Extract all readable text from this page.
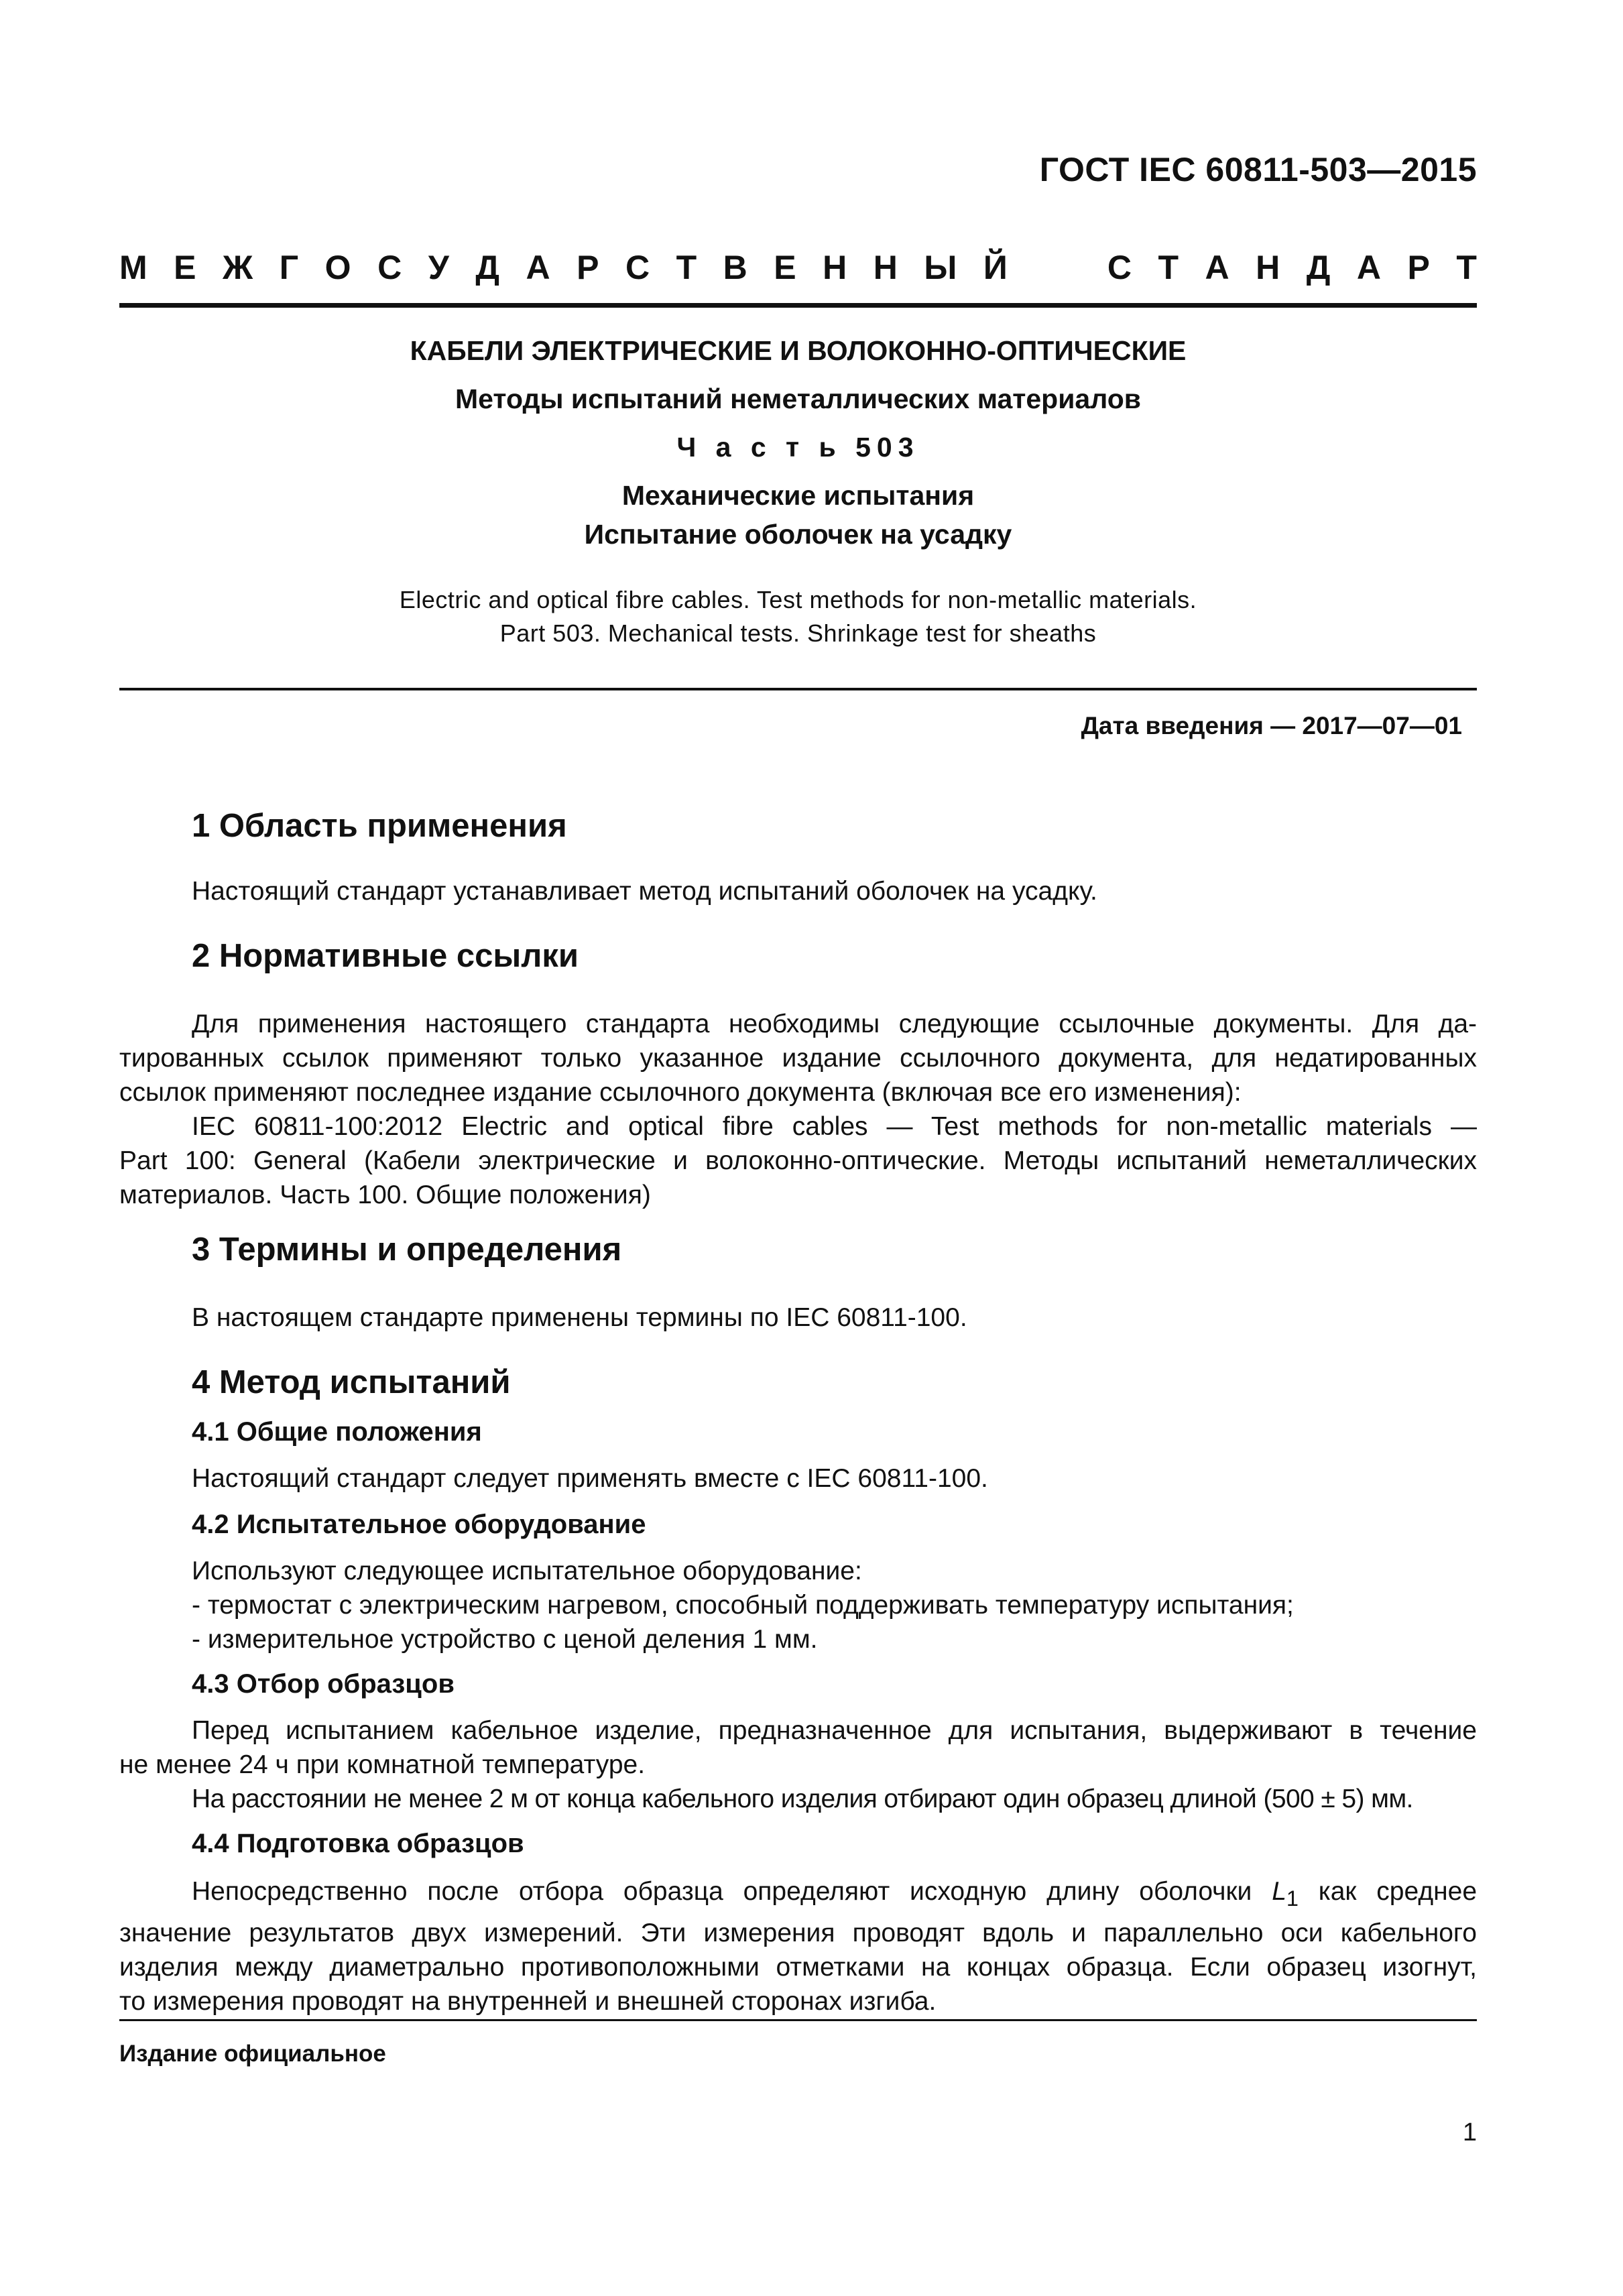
ГОСТ IEC 60811-503—2015
М Е Ж Г О С У Д А Р С Т В Е Н Н Ы Й	С Т А Н Д А Р Т
КАБЕЛИ ЭЛЕКТРИЧЕСКИЕ И ВОЛОКОННО-ОПТИЧЕСКИЕ
Методы испытаний неметаллических материалов
Ч а с т ь 503
Механические испытания
Испытание оболочек на усадку
Electric and optical fibre cables. Test methods for non-metallic materials.
Part 503. Mechanical tests. Shrinkage test for sheaths
Дата введения — 2017—07—01
1 Область применения
Настоящий стандарт устанавливает метод испытаний оболочек на усадку.
2 Нормативные ссылки
Для применения настоящего стандарта необходимы следующие ссылочные документы. Для да-
тированных ссылок применяют только указанное издание ссылочного документа, для недатированных
ссылок применяют последнее издание ссылочного документа (включая все его изменения):
IEC 60811-100:2012 Electric and optical fibre cables — Test methods for non-metallic materials —
Part 100: General (Кабели электрические и волоконно-оптические. Методы испытаний неметаллических
материалов. Часть 100. Общие положения)
3 Термины и определения
В настоящем стандарте применены термины по IEC 60811-100.
4 Метод испытаний
4.1 Общие положения
Настоящий стандарт следует применять вместе с IEC 60811-100.
4.2 Испытательное оборудование
Используют следующее испытательное оборудование:
- термостат с электрическим нагревом, способный поддерживать температуру испытания;
- измерительное устройство с ценой деления 1 мм.
4.3 Отбор образцов
Перед испытанием кабельное изделие, предназначенное для испытания, выдерживают в течение
не менее 24 ч при комнатной температуре.
На расстоянии не менее 2 м от конца кабельного изделия отбирают один образец длиной (500 ± 5) мм.
4.4 Подготовка образцов
Непосредственно после отбора образца определяют исходную длину оболочки $L_1$ как среднее
значение результатов двух измерений. Эти измерения проводят вдоль и параллельно оси кабельного
изделия между диаметрально противоположными отметками на концах образца. Если образец изогнут,
то измерения проводят на внутренней и внешней сторонах изгиба.
Издание официальное
1
